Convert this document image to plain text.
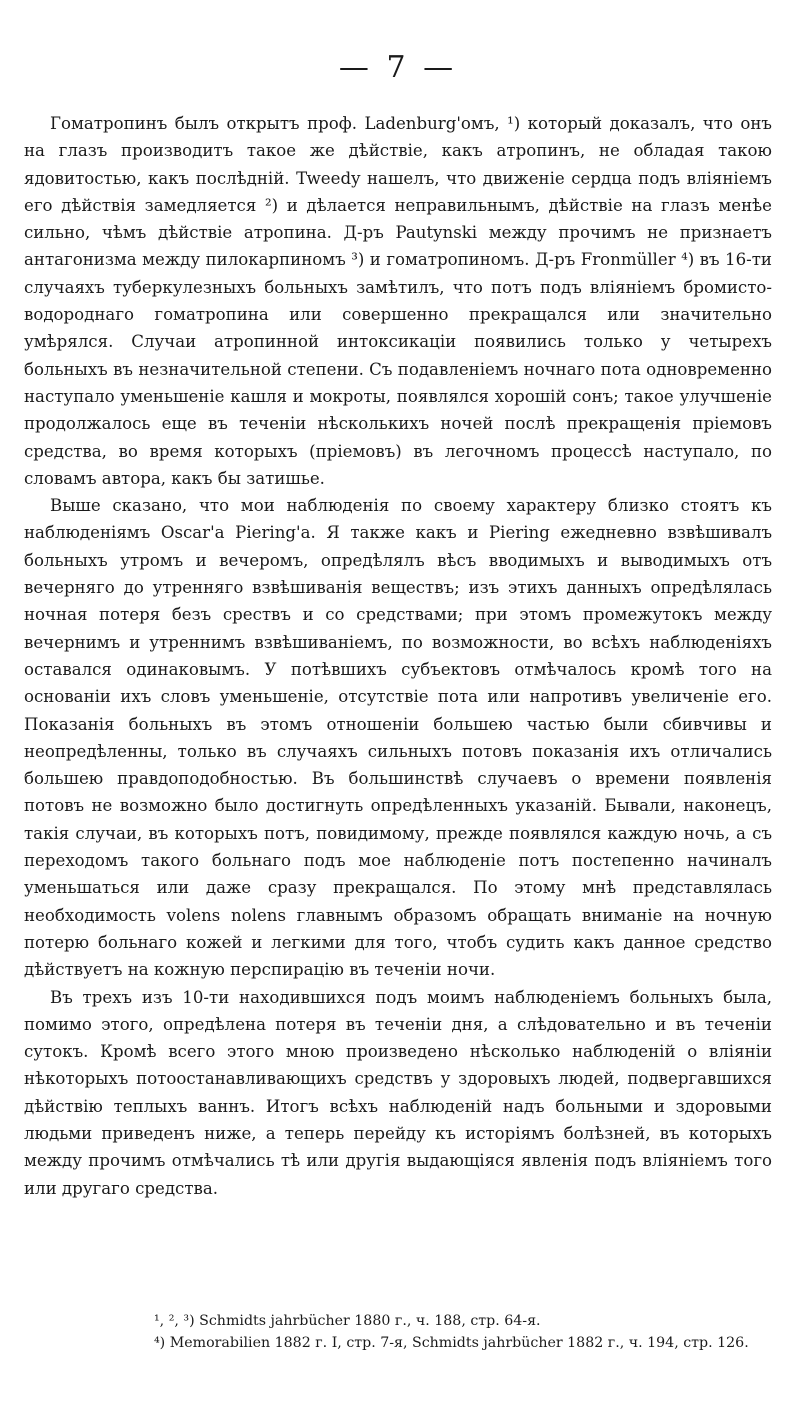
— 7 —

Гоматропинъ былъ открытъ проф. Ladenburg'омъ, ¹) который доказалъ, что онъ на глазъ производитъ такое же дѣйствіе, какъ атропинъ, не обладая такою ядовитостью, какъ послѣдній. Tweedy нашелъ, что движеніе сердца подъ вліяніемъ его дѣйствія замедляется ²) и дѣлается неправильнымъ, дѣйствіе на глазъ менѣе сильно, чѣмъ дѣйствіе атропина. Д-ръ Pautynski между прочимъ не признаетъ антагонизма между пилокарпиномъ ³) и гоматропиномъ. Д-ръ Fronmüller ⁴) въ 16-ти случаяхъ туберкулезныхъ больныхъ замѣтилъ, что потъ подъ вліяніемъ бромисто-водороднаго гоматропина или совершенно прекращался или значительно умѣрялся. Случаи атропинной интоксикаціи появились только у четырехъ больныхъ въ незначительной степени. Съ подавленіемъ ночнаго пота одновременно наступало уменьшеніе кашля и мокроты, появлялся хорошій сонъ; такое улучшеніе продолжалось еще въ теченіи нѣсколькихъ ночей послѣ прекращенія пріемовъ средства, во время которыхъ (пріемовъ) въ легочномъ процессѣ наступало, по словамъ автора, какъ бы затишье.

Выше сказано, что мои наблюденія по своему характеру близко стоятъ къ наблюденіямъ Oscar'a Piering'a. Я также какъ и Piering ежедневно взвѣшивалъ больныхъ утромъ и вечеромъ, опредѣлялъ вѣсъ вводимыхъ и выводимыхъ отъ вечерняго до утренняго взвѣшиванія веществъ; изъ этихъ данныхъ опредѣлялась ночная потеря безъ срествъ и со средствами; при этомъ промежутокъ между вечернимъ и утреннимъ взвѣшиваніемъ, по возможности, во всѣхъ наблюденіяхъ оставался одинаковымъ. У потѣвшихъ субъектовъ отмѣчалось кромѣ того на основаніи ихъ словъ уменьшеніе, отсутствіе пота или напротивъ увеличеніе его. Показанія больныхъ въ этомъ отношеніи большею частью были сбивчивы и неопредѣленны, только въ случаяхъ сильныхъ потовъ показанія ихъ отличались большею правдоподобностью. Въ большинствѣ случаевъ о времени появленія потовъ не возможно было достигнуть опредѣленныхъ указаній. Бывали, наконецъ, такія случаи, въ которыхъ потъ, повидимому, прежде появлялся каждую ночь, а съ переходомъ такого больнаго подъ мое наблюденіе потъ постепенно начиналъ уменьшаться или даже сразу прекращался. По этому мнѣ представлялась необходимость volens nolens главнымъ образомъ обращать вниманіе на ночную потерю больнаго кожей и легкими для того, чтобъ судить какъ данное средство дѣйствуетъ на кожную перспирацію въ теченіи ночи.

Въ трехъ изъ 10-ти находившихся подъ моимъ наблюденіемъ больныхъ была, помимо этого, опредѣлена потеря въ теченіи дня, а слѣдовательно и въ теченіи сутокъ. Кромѣ всего этого мною произведено нѣсколько наблюденій о вліяніи нѣкоторыхъ потоостанавливающихъ средствъ у здоровыхъ людей, подвергавшихся дѣйствію теплыхъ ваннъ. Итогъ всѣхъ наблюденій надъ больными и здоровыми людьми приведенъ ниже, а теперь перейду къ исторіямъ болѣзней, въ которыхъ между прочимъ отмѣчались тѣ или другія выдающіяся явленія подъ вліяніемъ того или другаго средства.

¹, ², ³) Schmidts jahrbücher 1880 г., ч. 188, стр. 64-я.

⁴) Memorabilien 1882 г. I, стр. 7-я, Schmidts jahrbücher 1882 г., ч. 194, стр. 126.
